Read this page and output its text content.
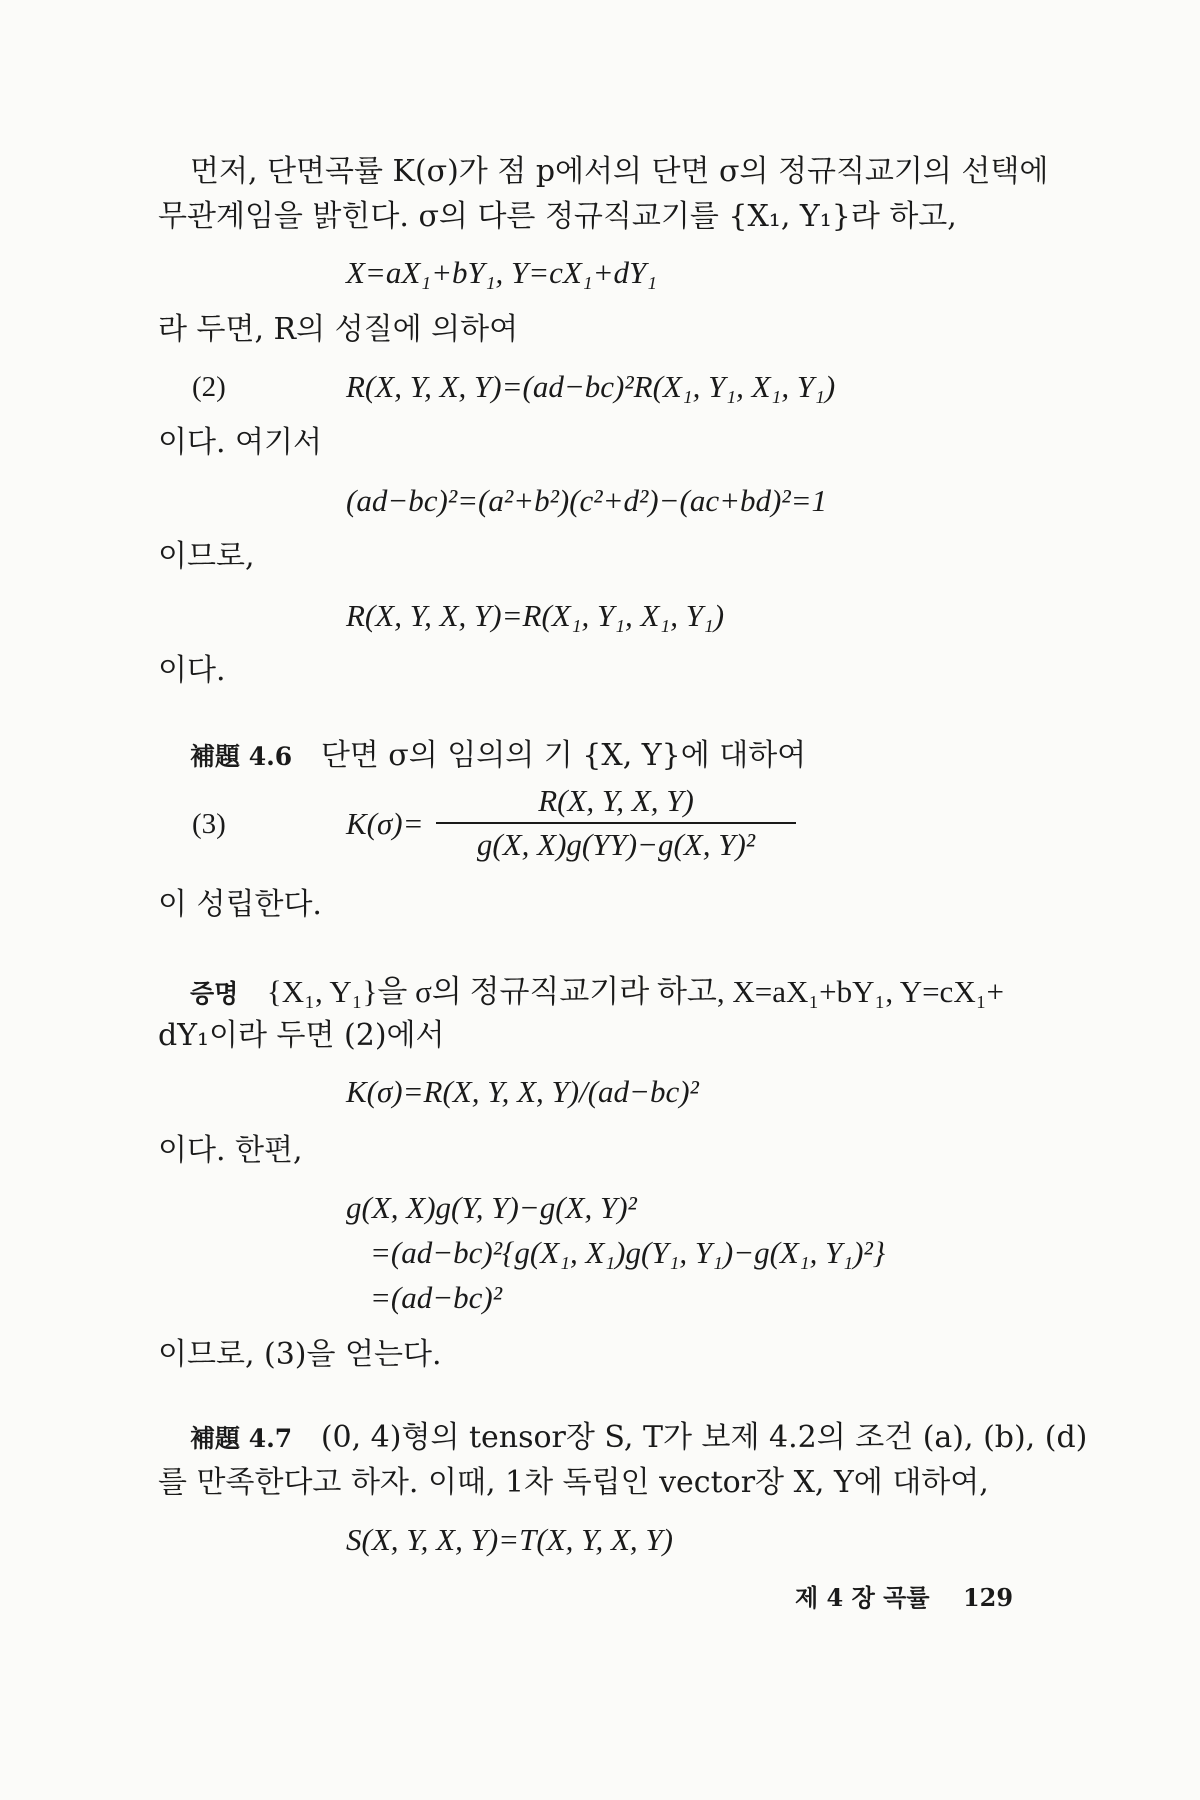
먼저, 단면곡률 K(σ)가 점 p에서의 단면 σ의 정규직교기의 선택에
무관계임을 밝힌다. σ의 다른 정규직교기를 {X₁, Y₁}라 하고,
X=aX₁+bY₁, Y=cX₁+dY₁
라 두면, R의 성질에 의하여
(2)	R(X, Y, X, Y)=(ad−bc)²R(X₁, Y₁, X₁, Y₁)
이다. 여기서
(ad−bc)²=(a²+b²)(c²+d²)−(ac+bd)²=1
이므로,
R(X, Y, X, Y)=R(X₁, Y₁, X₁, Y₁)
이다.
補題 4.6 단면 σ의 임의의 기 {X, Y}에 대하여
(3)	K(σ)=
R(X, Y, X, Y)
g(X, X)g(YY)−g(X, Y)²
이 성립한다.
증명 {X₁, Y₁}을 σ의 정규직교기라 하고, X=aX₁+bY₁, Y=cX₁+
dY₁이라 두면 (2)에서
K(σ)=R(X, Y, X, Y)/(ad−bc)²
이다. 한편,
g(X, X)g(Y, Y)−g(X, Y)²
=(ad−bc)²{g(X₁, X₁)g(Y₁, Y₁)−g(X₁, Y₁)²}
=(ad−bc)²
이므로, (3)을 얻는다.
補題 4.7 (0, 4)형의 tensor장 S, T가 보제 4.2의 조건 (a), (b), (d)
를 만족한다고 하자. 이때, 1차 독립인 vector장 X, Y에 대하여,
S(X, Y, X, Y)=T(X, Y, X, Y)
제 4 장 곡률 129
